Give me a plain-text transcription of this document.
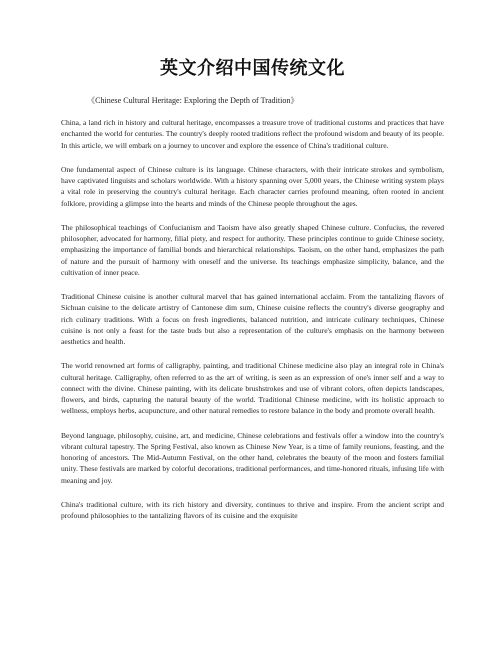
英文介绍中国传统文化

《Chinese Cultural Heritage: Exploring the Depth of Tradition》

China, a land rich in history and cultural heritage, encompasses a treasure trove of traditional customs and practices that have enchanted the world for centuries. The country's deeply rooted traditions reflect the profound wisdom and beauty of its people. In this article, we will embark on a journey to uncover and explore the essence of China's traditional culture.

One fundamental aspect of Chinese culture is its language. Chinese characters, with their intricate strokes and symbolism, have captivated linguists and scholars worldwide. With a history spanning over 5,000 years, the Chinese writing system plays a vital role in preserving the country's cultural heritage. Each character carries profound meaning, often rooted in ancient folklore, providing a glimpse into the hearts and minds of the Chinese people throughout the ages.

The philosophical teachings of Confucianism and Taoism have also greatly shaped Chinese culture. Confucius, the revered philosopher, advocated for harmony, filial piety, and respect for authority. These principles continue to guide Chinese society, emphasizing the importance of familial bonds and hierarchical relationships. Taoism, on the other hand, emphasizes the path of nature and the pursuit of harmony with oneself and the universe. Its teachings emphasize simplicity, balance, and the cultivation of inner peace.

Traditional Chinese cuisine is another cultural marvel that has gained international acclaim. From the tantalizing flavors of Sichuan cuisine to the delicate artistry of Cantonese dim sum, Chinese cuisine reflects the country's diverse geography and rich culinary traditions. With a focus on fresh ingredients, balanced nutrition, and intricate culinary techniques, Chinese cuisine is not only a feast for the taste buds but also a representation of the culture's emphasis on the harmony between aesthetics and health.

The world renowned art forms of calligraphy, painting, and traditional Chinese medicine also play an integral role in China's cultural heritage. Calligraphy, often referred to as the art of writing, is seen as an expression of one's inner self and a way to connect with the divine. Chinese painting, with its delicate brushstrokes and use of vibrant colors, often depicts landscapes, flowers, and birds, capturing the natural beauty of the world. Traditional Chinese medicine, with its holistic approach to wellness, employs herbs, acupuncture, and other natural remedies to restore balance in the body and promote overall health.

Beyond language, philosophy, cuisine, art, and medicine, Chinese celebrations and festivals offer a window into the country's vibrant cultural tapestry. The Spring Festival, also known as Chinese New Year, is a time of family reunions, feasting, and the honoring of ancestors. The Mid-Autumn Festival, on the other hand, celebrates the beauty of the moon and fosters familial unity. These festivals are marked by colorful decorations, traditional performances, and time-honored rituals, infusing life with meaning and joy.

China's traditional culture, with its rich history and diversity, continues to thrive and inspire. From the ancient script and profound philosophies to the tantalizing flavors of its cuisine and the exquisite
